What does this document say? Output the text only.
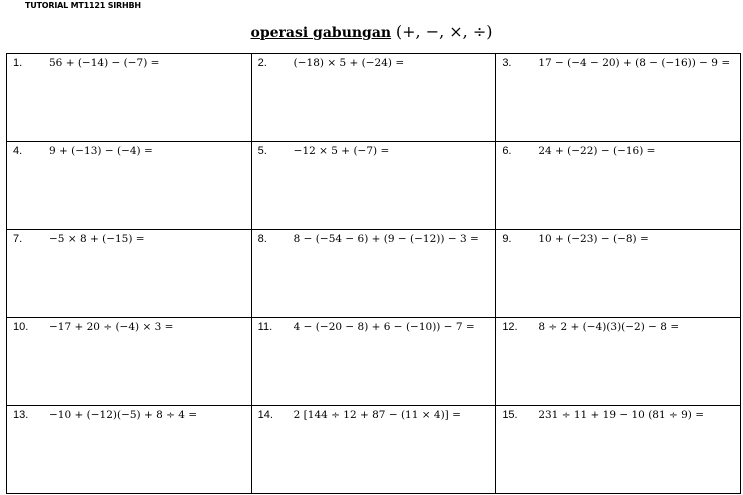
TUTORIAL MT1121 SIRHBH
operasi gabungan (+, −, ×, ÷)
1. 56 + (−14) − (−7) =	2. (−18) × 5 + (−24) =	3. 17 − (−4 − 20) + (8 − (−16)) − 9 =

4. 9 + (−13) − (−4) =	5. −12 × 5 + (−7) =	6. 24 + (−22) − (−16) =

7. −5 × 8 + (−15) =	8. 8 − (−54 − 6) + (9 − (−12)) − 3 =	9. 10 + (−23) − (−8) =

10. −17 + 20 ÷ (−4) × 3 =	11. 4 − (−20 − 8) + 6 − (−10)) − 7 =	12. 8 ÷ 2 + (−4)(3)(−2) − 8 =

13. −10 + (−12)(−5) + 8 ÷ 4 =	14. 2 [144 ÷ 12 + 87 − (11 × 4)] =	15. 231 ÷ 11 + 19 − 10 (81 ÷ 9) =
